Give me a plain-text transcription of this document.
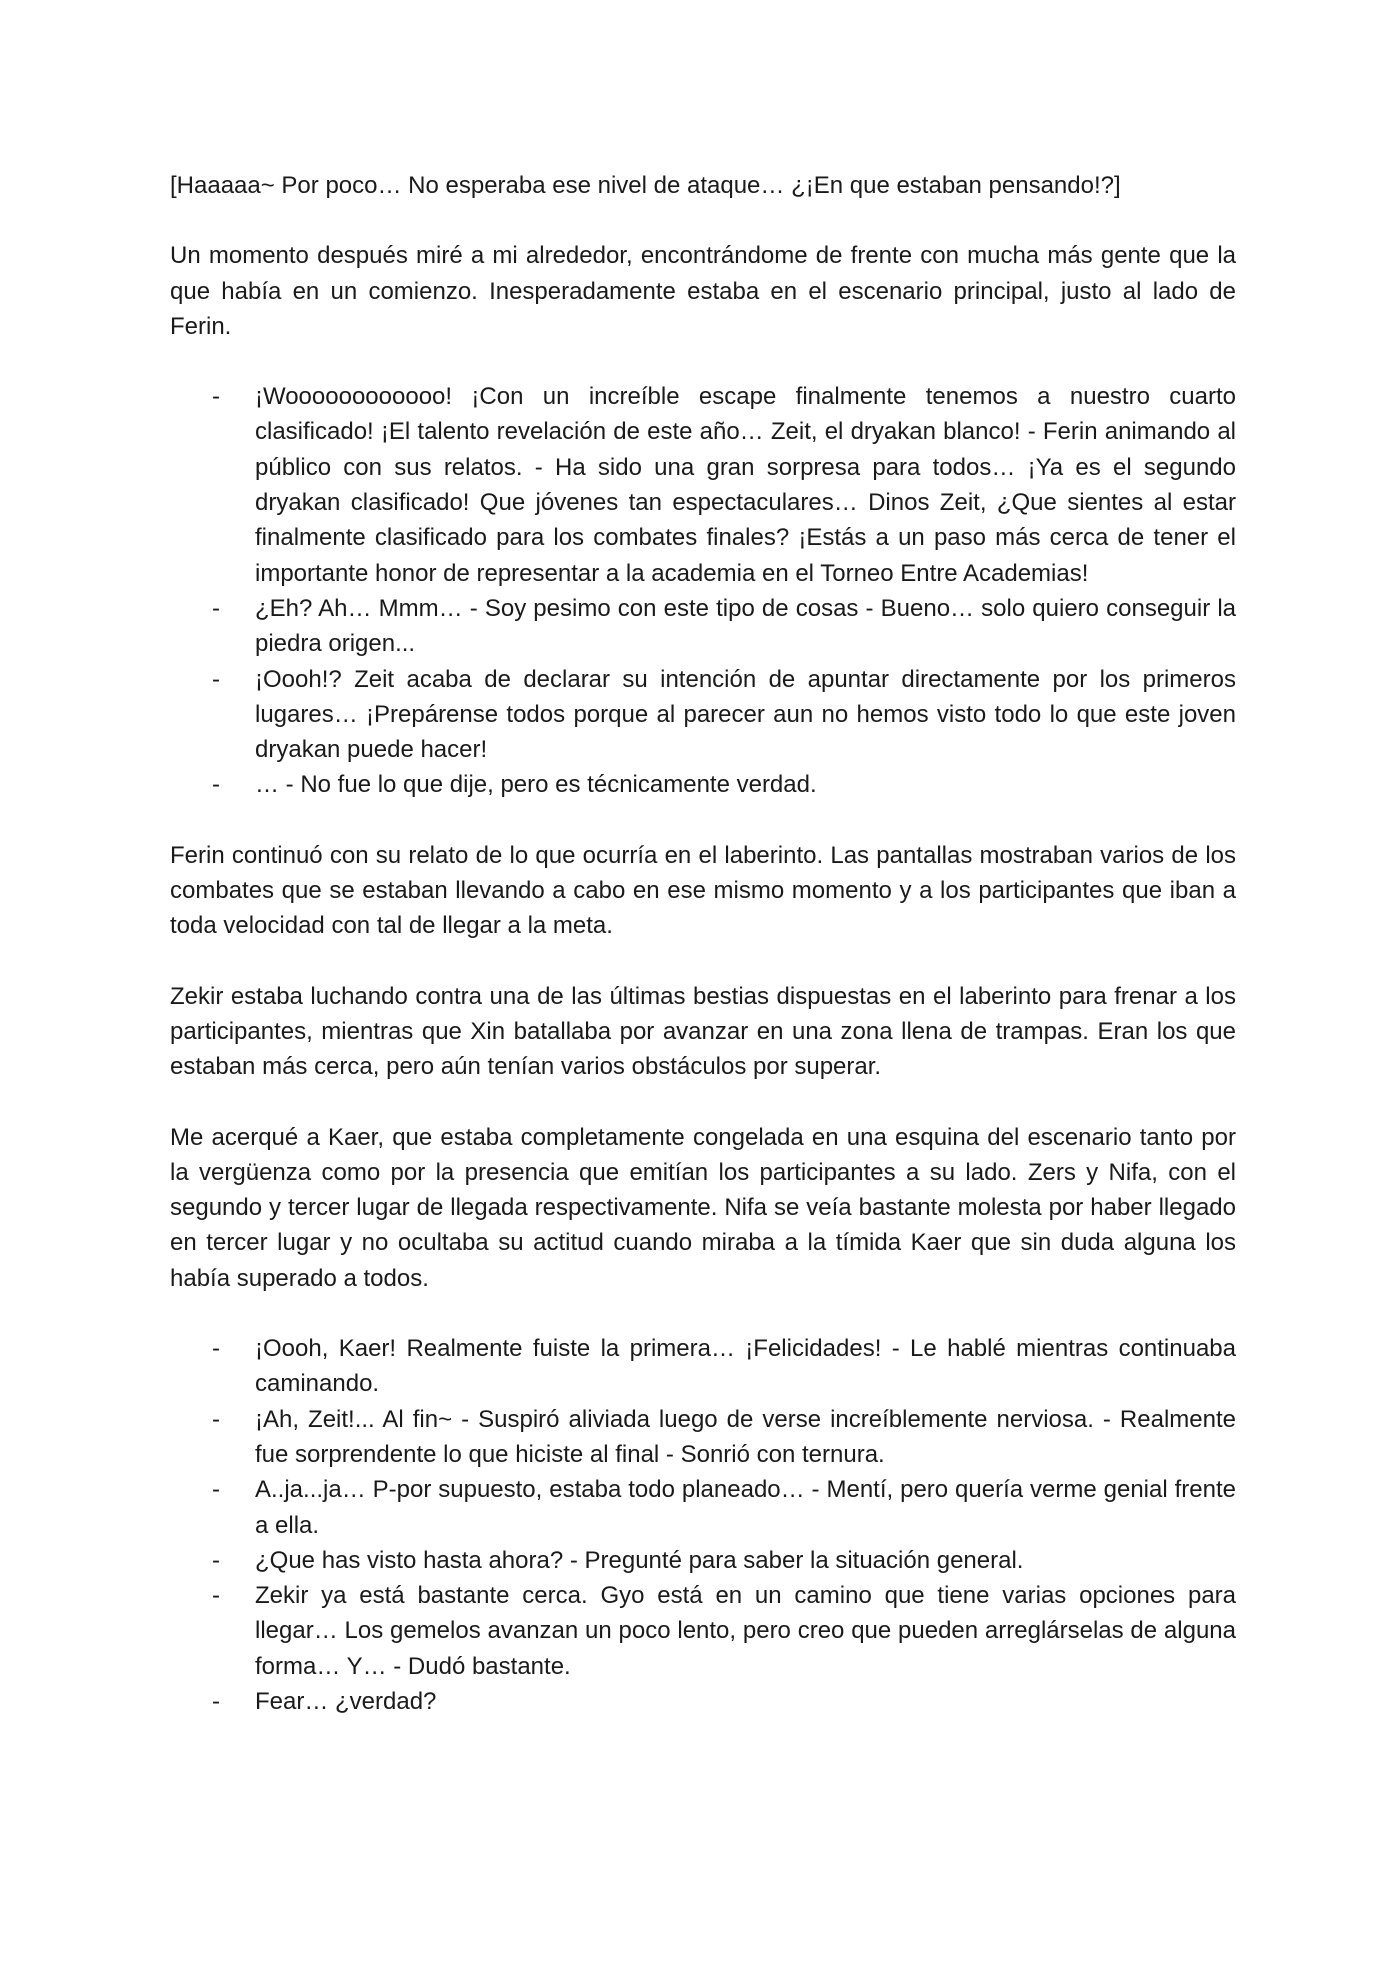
[Haaaaa~ Por poco… No esperaba ese nivel de ataque… ¿¡En que estaban pensando!?]

Un momento después miré a mi alrededor, encontrándome de frente con mucha más gente que la que había en un comienzo. Inesperadamente estaba en el escenario principal, justo al lado de Ferin.

- ¡Woooooooooooo! ¡Con un increíble escape finalmente tenemos a nuestro cuarto clasificado! ¡El talento revelación de este año… Zeit, el dryakan blanco! - Ferin animando al público con sus relatos. - Ha sido una gran sorpresa para todos… ¡Ya es el segundo dryakan clasificado! Que jóvenes tan espectaculares… Dinos Zeit, ¿Que sientes al estar finalmente clasificado para los combates finales? ¡Estás a un paso más cerca de tener el importante honor de representar a la academia en el Torneo Entre Academias!
- ¿Eh? Ah… Mmm… - Soy pesimo con este tipo de cosas - Bueno… solo quiero conseguir la piedra origen...
- ¡Oooh!? Zeit acaba de declarar su intención de apuntar directamente por los primeros lugares… ¡Prepárense todos porque al parecer aun no hemos visto todo lo que este joven dryakan puede hacer!
- … - No fue lo que dije, pero es técnicamente verdad.

Ferin continuó con su relato de lo que ocurría en el laberinto. Las pantallas mostraban varios de los combates que se estaban llevando a cabo en ese mismo momento y a los participantes que iban a toda velocidad con tal de llegar a la meta.

Zekir estaba luchando contra una de las últimas bestias dispuestas en el laberinto para frenar a los participantes, mientras que Xin batallaba por avanzar en una zona llena de trampas. Eran los que estaban más cerca, pero aún tenían varios obstáculos por superar.

Me acerqué a Kaer, que estaba completamente congelada en una esquina del escenario tanto por la vergüenza como por la presencia que emitían los participantes a su lado. Zers y Nifa, con el segundo y tercer lugar de llegada respectivamente. Nifa se veía bastante molesta por haber llegado en tercer lugar y no ocultaba su actitud cuando miraba a la tímida Kaer que sin duda alguna los había superado a todos.

- ¡Oooh, Kaer! Realmente fuiste la primera… ¡Felicidades! - Le hablé mientras continuaba caminando.
- ¡Ah, Zeit!... Al fin~ - Suspiró aliviada luego de verse increíblemente nerviosa. - Realmente fue sorprendente lo que hiciste al final - Sonrió con ternura.
- A..ja...ja… P-por supuesto, estaba todo planeado… - Mentí, pero quería verme genial frente a ella.
- ¿Que has visto hasta ahora? - Pregunté para saber la situación general.
- Zekir ya está bastante cerca. Gyo está en un camino que tiene varias opciones para llegar… Los gemelos avanzan un poco lento, pero creo que pueden arreglárselas de alguna forma… Y… - Dudó bastante.
- Fear… ¿verdad?
